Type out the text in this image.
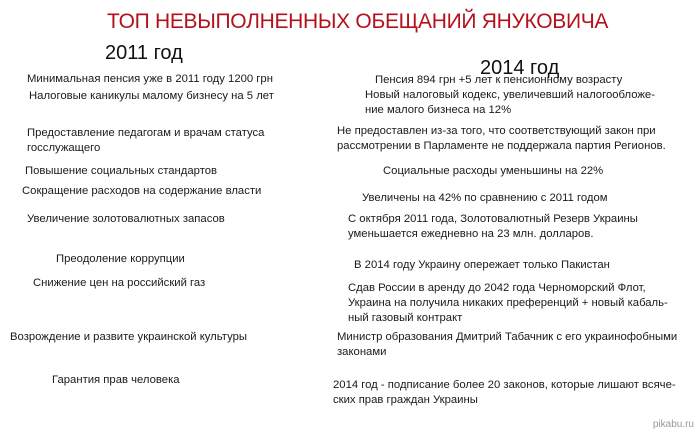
ТОП НЕВЫПОЛНЕННЫХ ОБЕЩАНИЙ ЯНУКОВИЧА
2011 год
2014 год
Минимальная пенсия уже в 2011 году 1200 грн
Налоговые каникулы малому бизнесу на 5 лет
Предоставление педагогам и врачам статуса
госслужащего
Повышение социальных стандартов
Сокращение расходов на содержание власти
Увеличение золотовалютных запасов
Преодоление коррупции
Снижение цен на российский газ
Возрождение и развите украинской культуры
Гарантия прав человека
Пенсия 894 грн +5 лет к пенсионному возрасту
Новый налоговый кодекс, увеличевший налогообложе-
ние малого бизнеса на 12%
Не предоставлен из-за того, что соответствующий закон при
рассмотрении в Парламенте не поддержала партия Регионов.
Социальные расходы уменьшины на 22%
Увеличены на 42% по сравнению с 2011 годом
С октября 2011 года, Золотовалютный Резерв Украины
уменьшается ежедневно на 23 млн. долларов.
В 2014 году Украину опережает только Пакистан
Сдав России в аренду до 2042 года Черноморский Флот,
Украина на получила никаких преференций + новый кабаль-
ный газовый контракт
Министр образования Дмитрий Табачник с его украинофобными
законами
2014 год - подписание более 20 законов, которые лишают всяче-
ских прав граждан Украины
pikabu.ru
